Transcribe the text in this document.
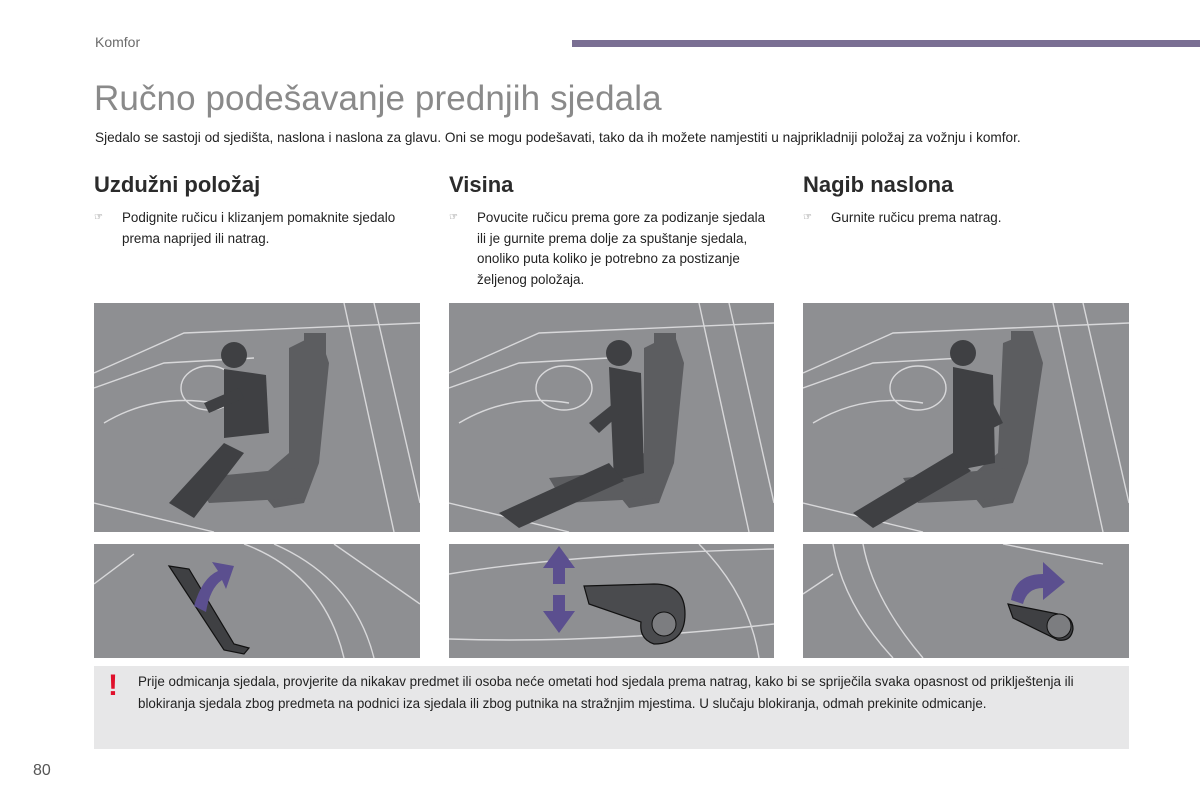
Komfor
Ručno podešavanje prednjih sjedala

Sjedalo se sastoji od sjedišta, naslona i naslona za glavu. Oni se mogu podešavati, tako da ih možete namjestiti u najprikladniji položaj za vožnju i komfor.

Uzdužni položaj
☞ Podignite ručicu i klizanjem pomaknite sjedalo prema naprijed ili natrag.
Visina
☞ Povucite ručicu prema gore za podizanje sjedala ili je gurnite prema dolje za spuštanje sjedala, onoliko puta koliko je potrebno za postizanje željenog položaja.
Nagib naslona
☞ Gurnite ručicu prema natrag.
! Prije odmicanja sjedala, provjerite da nikakav predmet ili osoba neće ometati hod sjedala prema natrag, kako bi se spriječila svaka opasnost od priklještenja ili blokiranja sjedala zbog predmeta na podnici iza sjedala ili zbog putnika na stražnjim mjestima. U slučaju blokiranja, odmah prekinite odmicanje.

80
